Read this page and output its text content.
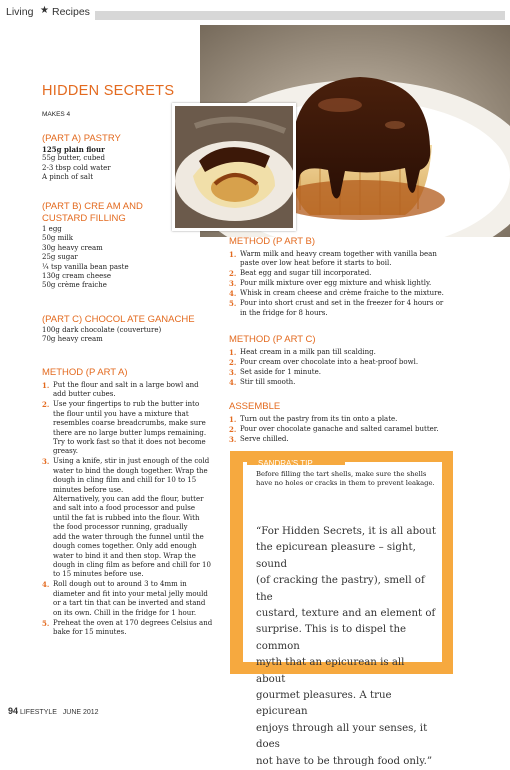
Living ★ Recipes
HIDDEN SECRETS
MAKES 4

(PART A) PASTRY

125g plain flour

55g butter, cubed

2-3 tbsp cold water

A pinch of salt

(PART B) CRE AM AND

CUSTARD FILLING

1 egg

50g milk

30g heavy cream

25g sugar

¼ tsp vanilla bean paste

130g cream cheese

50g crème fraiche

(PART C) CHOCOL ATE GANACHE

100g dark chocolate (couverture)

70g heavy cream

METHOD (P ART A)

1. Put the flour and salt in a large bowl and
add butter cubes.
2. Use your fingertips to rub the butter into
the flour until you have a mixture that
resembles coarse breadcrumbs, make sure
there are no large butter lumps remaining.
Try to work fast so that it does not become
greasy.
3. Using a knife, stir in just enough of the cold
water to bind the dough together. Wrap the
dough in cling film and chill for 10 to 15
minutes before use.
Alternatively, you can add the flour, butter
and salt into a food processor and pulse
until the fat is rubbed into the flour. With
the food processor running, gradually
add the water through the funnel until the
dough comes together. Only add enough
water to bind it and then stop. Wrap the
dough in cling film as before and chill for 10
to 15 minutes before use.
4. Roll dough out to around 3 to 4mm in
diameter and fit into your metal jelly mould
or a tart tin that can be inverted and stand
on its own. Chill in the fridge for 1 hour.
5. Preheat the oven at 170 degrees Celsius and
bake for 15 minutes.

METHOD (P ART B)

1. Warm milk and heavy cream together with vanilla bean
paste over low heat before it starts to boil.
2. Beat egg and sugar till incorporated.
3. Pour milk mixture over egg mixture and whisk lightly.
4. Whisk in cream cheese and crème fraiche to the mixture.
5. Pour into short crust and set in the freezer for 4 hours or
in the fridge for 8 hours.

METHOD (P ART C)

1. Heat cream in a milk pan till scalding.
2. Pour cream over chocolate into a heat-proof bowl.
3. Set aside for 1 minute.
4. Stir till smooth.

ASSEMBLE

1. Turn out the pastry from its tin onto a plate.
2. Pour over chocolate ganache and salted caramel butter.
3. Serve chilled.
SANDRA'S TIP
Before filling the tart shells, make sure the shells
have no holes or cracks in them to prevent leakage.
“For Hidden Secrets, it is all about
the epicurean pleasure – sight, sound
(of cracking the pastry), smell of the
custard, texture and an element of
surprise. This is to dispel the common
myth that an epicurean is all about
gourmet pleasures. A true epicurean
enjoys through all your senses, it does
not have to be through food only.”
94 LIFESTYLE JUNE 2012
